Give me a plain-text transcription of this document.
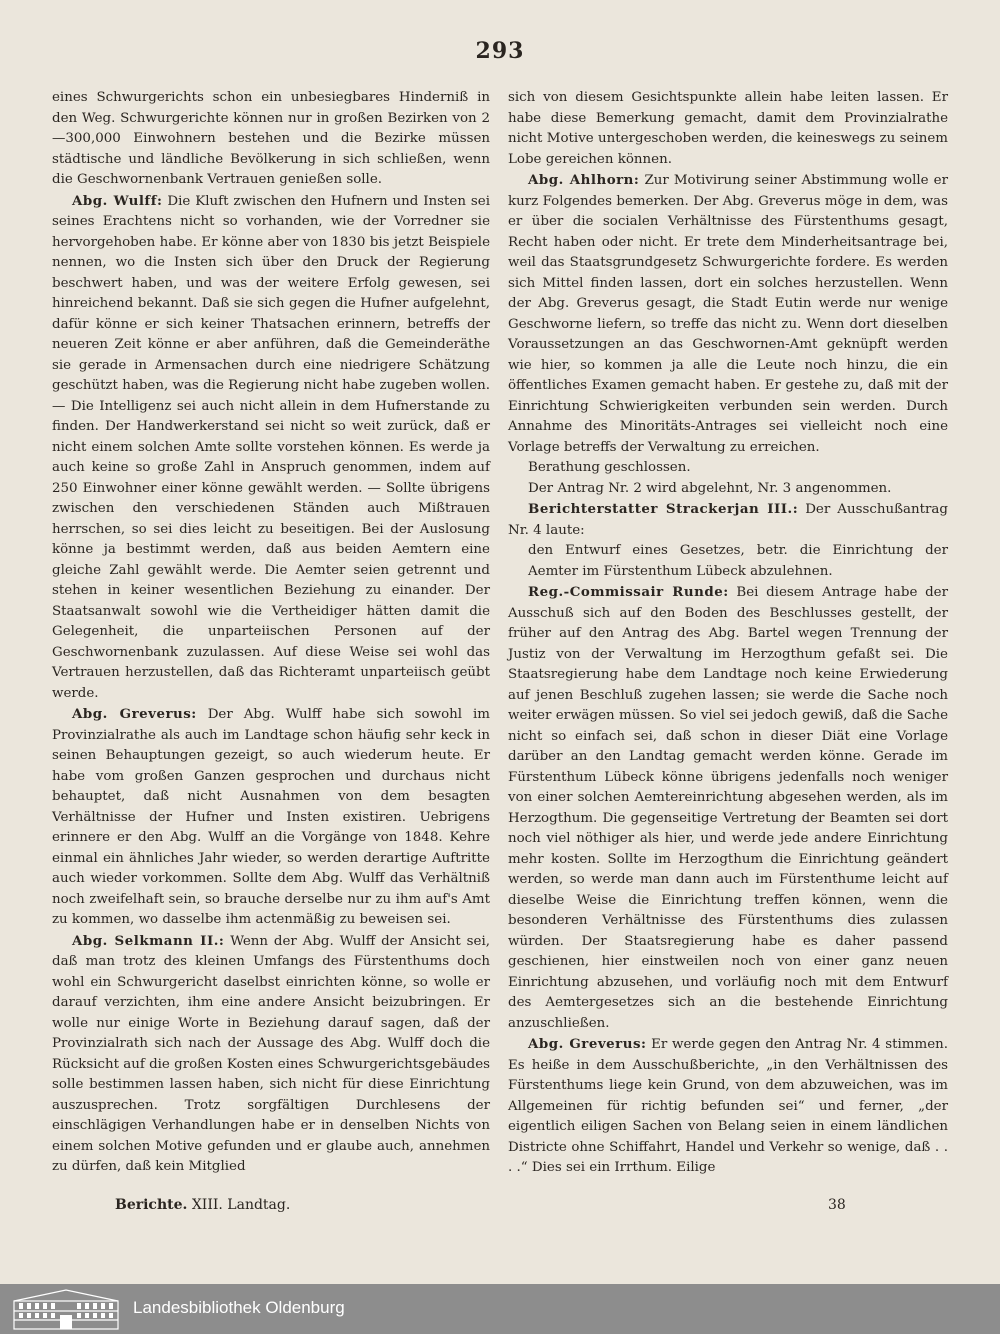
293

eines Schwurgerichts schon ein unbesiegbares Hinderniß in den Weg. Schwurgerichte können nur in großen Bezirken von 2—300,000 Einwohnern bestehen und die Bezirke müssen städtische und ländliche Bevölkerung in sich schließen, wenn die Geschwornenbank Vertrauen genießen solle.

Abg. Wulff: Die Kluft zwischen den Hufnern und Insten sei seines Erachtens nicht so vorhanden, wie der Vorredner sie hervorgehoben habe. Er könne aber von 1830 bis jetzt Beispiele nennen, wo die Insten sich über den Druck der Regierung beschwert haben, und was der weitere Erfolg gewesen, sei hinreichend bekannt. Daß sie sich gegen die Hufner aufgelehnt, dafür könne er sich keiner Thatsachen erinnern, betreffs der neueren Zeit könne er aber anführen, daß die Gemeinderäthe sie gerade in Armensachen durch eine niedrigere Schätzung geschützt haben, was die Regierung nicht habe zugeben wollen. — Die Intelligenz sei auch nicht allein in dem Hufnerstande zu finden. Der Handwerkerstand sei nicht so weit zurück, daß er nicht einem solchen Amte sollte vorstehen können. Es werde ja auch keine so große Zahl in Anspruch genommen, indem auf 250 Einwohner einer könne gewählt werden. — Sollte übrigens zwischen den verschiedenen Ständen auch Mißtrauen herrschen, so sei dies leicht zu beseitigen. Bei der Auslosung könne ja bestimmt werden, daß aus beiden Aemtern eine gleiche Zahl gewählt werde. Die Aemter seien getrennt und stehen in keiner wesentlichen Beziehung zu einander. Der Staatsanwalt sowohl wie die Vertheidiger hätten damit die Gelegenheit, die unparteiischen Personen auf der Geschwornenbank zuzulassen. Auf diese Weise sei wohl das Vertrauen herzustellen, daß das Richteramt unparteiisch geübt werde.

Abg. Greverus: Der Abg. Wulff habe sich sowohl im Provinzialrathe als auch im Landtage schon häufig sehr keck in seinen Behauptungen gezeigt, so auch wiederum heute. Er habe vom großen Ganzen gesprochen und durchaus nicht behauptet, daß nicht Ausnahmen von dem besagten Verhältnisse der Hufner und Insten existiren. Uebrigens erinnere er den Abg. Wulff an die Vorgänge von 1848. Kehre einmal ein ähnliches Jahr wieder, so werden derartige Auftritte auch wieder vorkommen. Sollte dem Abg. Wulff das Verhältniß noch zweifelhaft sein, so brauche derselbe nur zu ihm auf's Amt zu kommen, wo dasselbe ihm actenmäßig zu beweisen sei.

Abg. Selkmann II.: Wenn der Abg. Wulff der Ansicht sei, daß man trotz des kleinen Umfangs des Fürstenthums doch wohl ein Schwurgericht daselbst einrichten könne, so wolle er darauf verzichten, ihm eine andere Ansicht beizubringen. Er wolle nur einige Worte in Beziehung darauf sagen, daß der Provinzialrath sich nach der Aussage des Abg. Wulff doch die Rücksicht auf die großen Kosten eines Schwurgerichtsgebäudes solle bestimmen lassen haben, sich nicht für diese Einrichtung auszusprechen. Trotz sorgfältigen Durchlesens der einschlägigen Verhandlungen habe er in denselben Nichts von einem solchen Motive gefunden und er glaube auch, annehmen zu dürfen, daß kein Mitglied

sich von diesem Gesichtspunkte allein habe leiten lassen. Er habe diese Bemerkung gemacht, damit dem Provinzialrathe nicht Motive untergeschoben werden, die keineswegs zu seinem Lobe gereichen können.

Abg. Ahlhorn: Zur Motivirung seiner Abstimmung wolle er kurz Folgendes bemerken. Der Abg. Greverus möge in dem, was er über die socialen Verhältnisse des Fürstenthums gesagt, Recht haben oder nicht. Er trete dem Minderheitsantrage bei, weil das Staatsgrundgesetz Schwurgerichte fordere. Es werden sich Mittel finden lassen, dort ein solches herzustellen. Wenn der Abg. Greverus gesagt, die Stadt Eutin werde nur wenige Geschworne liefern, so treffe das nicht zu. Wenn dort dieselben Voraussetzungen an das Geschwornen-Amt geknüpft werden wie hier, so kommen ja alle die Leute noch hinzu, die ein öffentliches Examen gemacht haben. Er gestehe zu, daß mit der Einrichtung Schwierigkeiten verbunden sein werden. Durch Annahme des Minoritäts-Antrages sei vielleicht noch eine Vorlage betreffs der Verwaltung zu erreichen.

Berathung geschlossen.

Der Antrag Nr. 2 wird abgelehnt, Nr. 3 angenommen.

Berichterstatter Strackerjan III.: Der Ausschußantrag Nr. 4 laute:

den Entwurf eines Gesetzes, betr. die Einrichtung der Aemter im Fürstenthum Lübeck abzulehnen.

Reg.-Commissair Runde: Bei diesem Antrage habe der Ausschuß sich auf den Boden des Beschlusses gestellt, der früher auf den Antrag des Abg. Bartel wegen Trennung der Justiz von der Verwaltung im Herzogthum gefaßt sei. Die Staatsregierung habe dem Landtage noch keine Erwiederung auf jenen Beschluß zugehen lassen; sie werde die Sache noch weiter erwägen müssen. So viel sei jedoch gewiß, daß die Sache nicht so einfach sei, daß schon in dieser Diät eine Vorlage darüber an den Landtag gemacht werden könne. Gerade im Fürstenthum Lübeck könne übrigens jedenfalls noch weniger von einer solchen Aemtereinrichtung abgesehen werden, als im Herzogthum. Die gegenseitige Vertretung der Beamten sei dort noch viel nöthiger als hier, und werde jede andere Einrichtung mehr kosten. Sollte im Herzogthum die Einrichtung geändert werden, so werde man dann auch im Fürstenthume leicht auf dieselbe Weise die Einrichtung treffen können, wenn die besonderen Verhältnisse des Fürstenthums dies zulassen würden. Der Staatsregierung habe es daher passend geschienen, hier einstweilen noch von einer ganz neuen Einrichtung abzusehen, und vorläufig noch mit dem Entwurf des Aemtergesetzes sich an die bestehende Einrichtung anzuschließen.

Abg. Greverus: Er werde gegen den Antrag Nr. 4 stimmen. Es heiße in dem Ausschußberichte, „in den Verhältnissen des Fürstenthums liege kein Grund, von dem abzuweichen, was im Allgemeinen für richtig befunden sei“ und ferner, „der eigentlich eiligen Sachen von Belang seien in einem ländlichen Districte ohne Schiffahrt, Handel und Verkehr so wenige, daß . . . .“ Dies sei ein Irrthum. Eilige

Berichte. XIII. Landtag.	38
Landesbibliothek Oldenburg
